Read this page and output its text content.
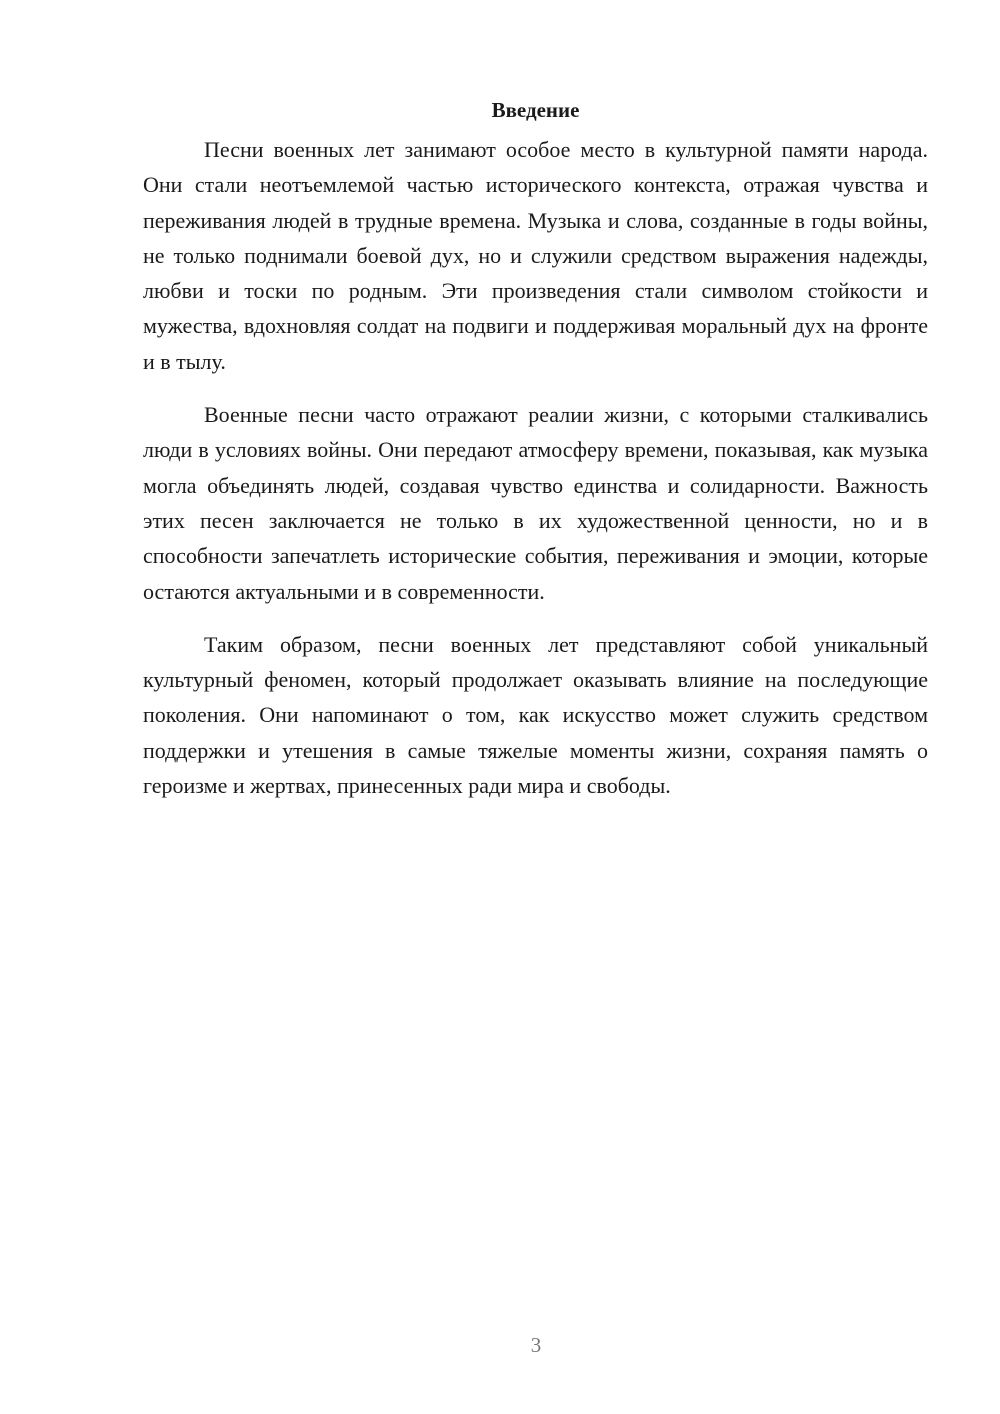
Введение

Песни военных лет занимают особое место в культурной памяти народа. Они стали неотъемлемой частью исторического контекста, отражая чувства и переживания людей в трудные времена. Музыка и слова, созданные в годы войны, не только поднимали боевой дух, но и служили средством выражения надежды, любви и тоски по родным. Эти произведения стали символом стойкости и мужества, вдохновляя солдат на подвиги и поддерживая моральный дух на фронте и в тылу.

Военные песни часто отражают реалии жизни, с которыми сталкивались люди в условиях войны. Они передают атмосферу времени, показывая, как музыка могла объединять людей, создавая чувство единства и солидарности. Важность этих песен заключается не только в их художественной ценности, но и в способности запечатлеть исторические события, переживания и эмоции, которые остаются актуальными и в современности.

Таким образом, песни военных лет представляют собой уникальный культурный феномен, который продолжает оказывать влияние на последующие поколения. Они напоминают о том, как искусство может служить средством поддержки и утешения в самые тяжелые моменты жизни, сохраняя память о героизме и жертвах, принесенных ради мира и свободы.

3
